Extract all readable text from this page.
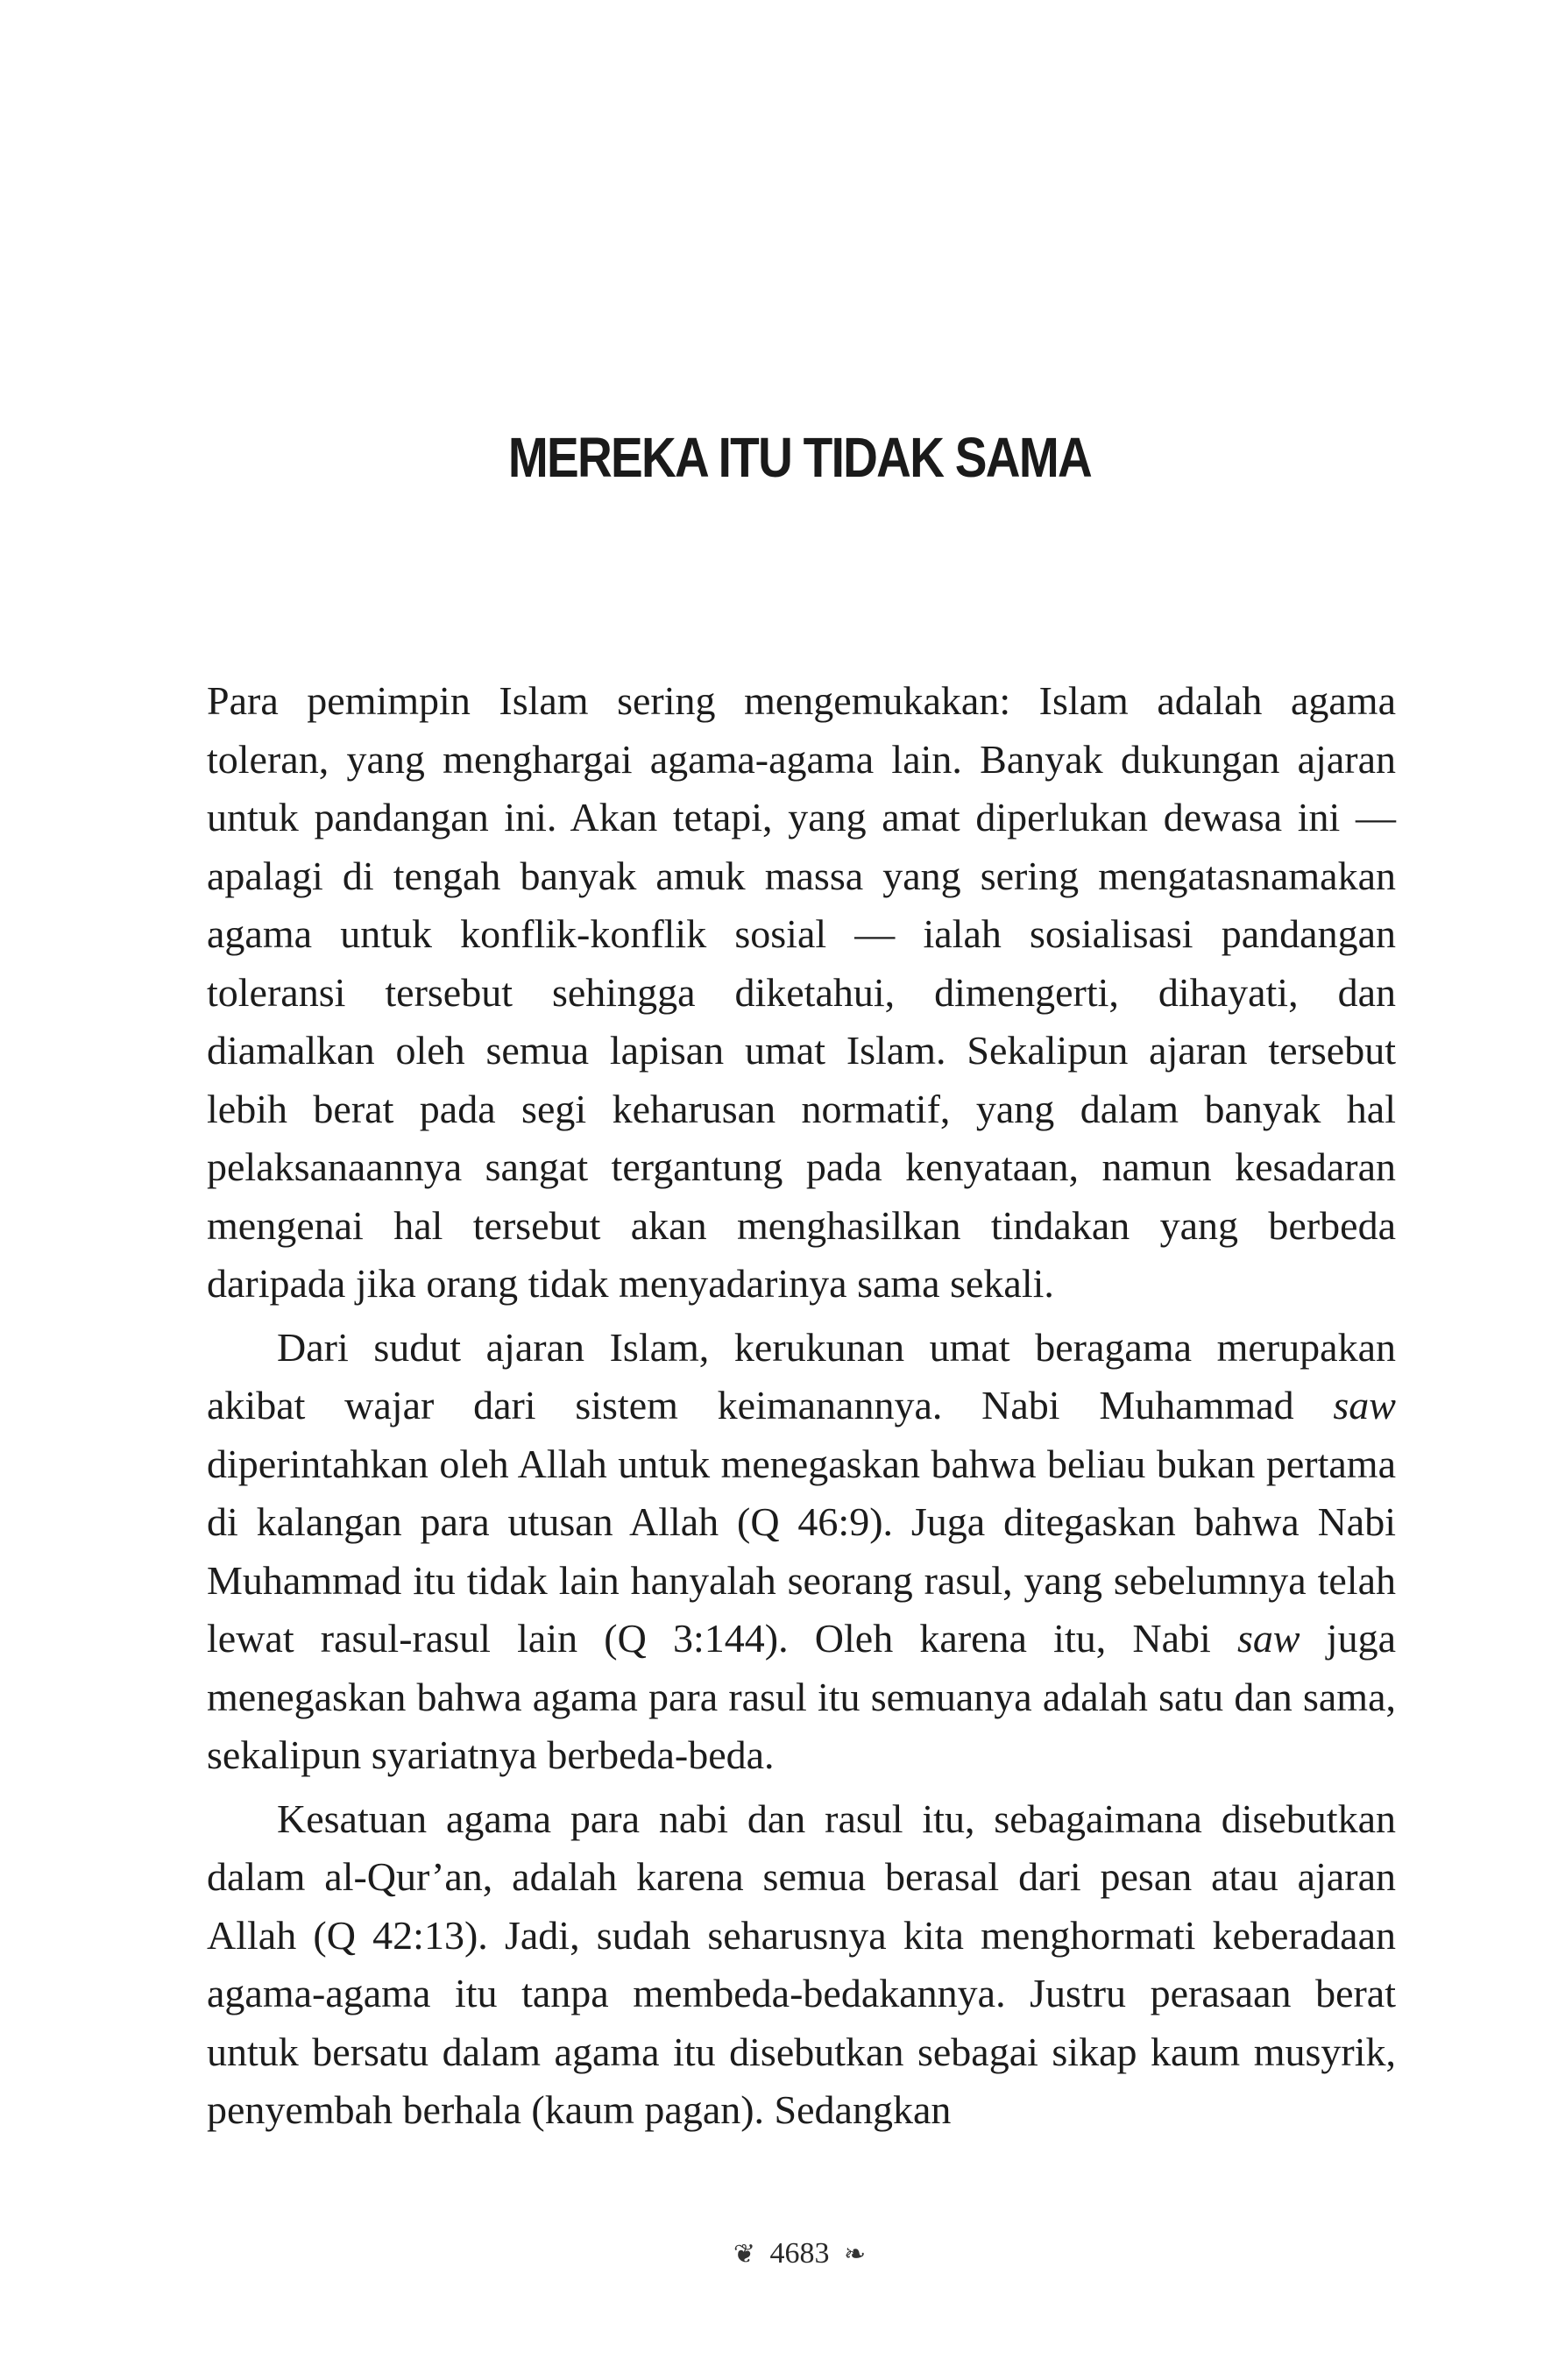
MEREKA ITU TIDAK SAMA

Para pemimpin Islam sering mengemukakan: Islam adalah agama toleran, yang menghargai agama-agama lain. Banyak dukungan ajaran untuk pandangan ini. Akan tetapi, yang amat diperlukan dewasa ini — apalagi di tengah banyak amuk massa yang sering mengatasnamakan agama untuk konflik-konflik sosial — ialah sosialisasi pandangan toleransi tersebut sehingga diketahui, dimengerti, dihayati, dan diamalkan oleh semua lapisan umat Islam. Sekalipun ajaran tersebut lebih berat pada segi keharusan normatif, yang dalam banyak hal pelaksanaannya sangat tergantung pada kenyataan, namun kesadaran mengenai hal tersebut akan menghasilkan tindakan yang berbeda daripada jika orang tidak menyadarinya sama sekali.

Dari sudut ajaran Islam, kerukunan umat beragama merupakan akibat wajar dari sistem keimanannya. Nabi Muhammad saw diperintahkan oleh Allah untuk menegaskan bahwa beliau bukan pertama di kalangan para utusan Allah (Q 46:9). Juga ditegaskan bahwa Nabi Muhammad itu tidak lain hanyalah seorang rasul, yang sebelumnya telah lewat rasul-rasul lain (Q 3:144). Oleh karena itu, Nabi saw juga menegaskan bahwa agama para rasul itu semuanya adalah satu dan sama, sekalipun syariatnya berbeda-beda.

Kesatuan agama para nabi dan rasul itu, sebagaimana disebutkan dalam al-Qur’an, adalah karena semua berasal dari pesan atau ajaran Allah (Q 42:13). Jadi, sudah seharusnya kita menghormati keberadaan agama-agama itu tanpa membeda-bedakannya. Justru perasaan berat untuk bersatu dalam agama itu disebutkan sebagai sikap kaum musyrik, penyembah berhala (kaum pagan). Sedangkan

❦ 4683 ❧
